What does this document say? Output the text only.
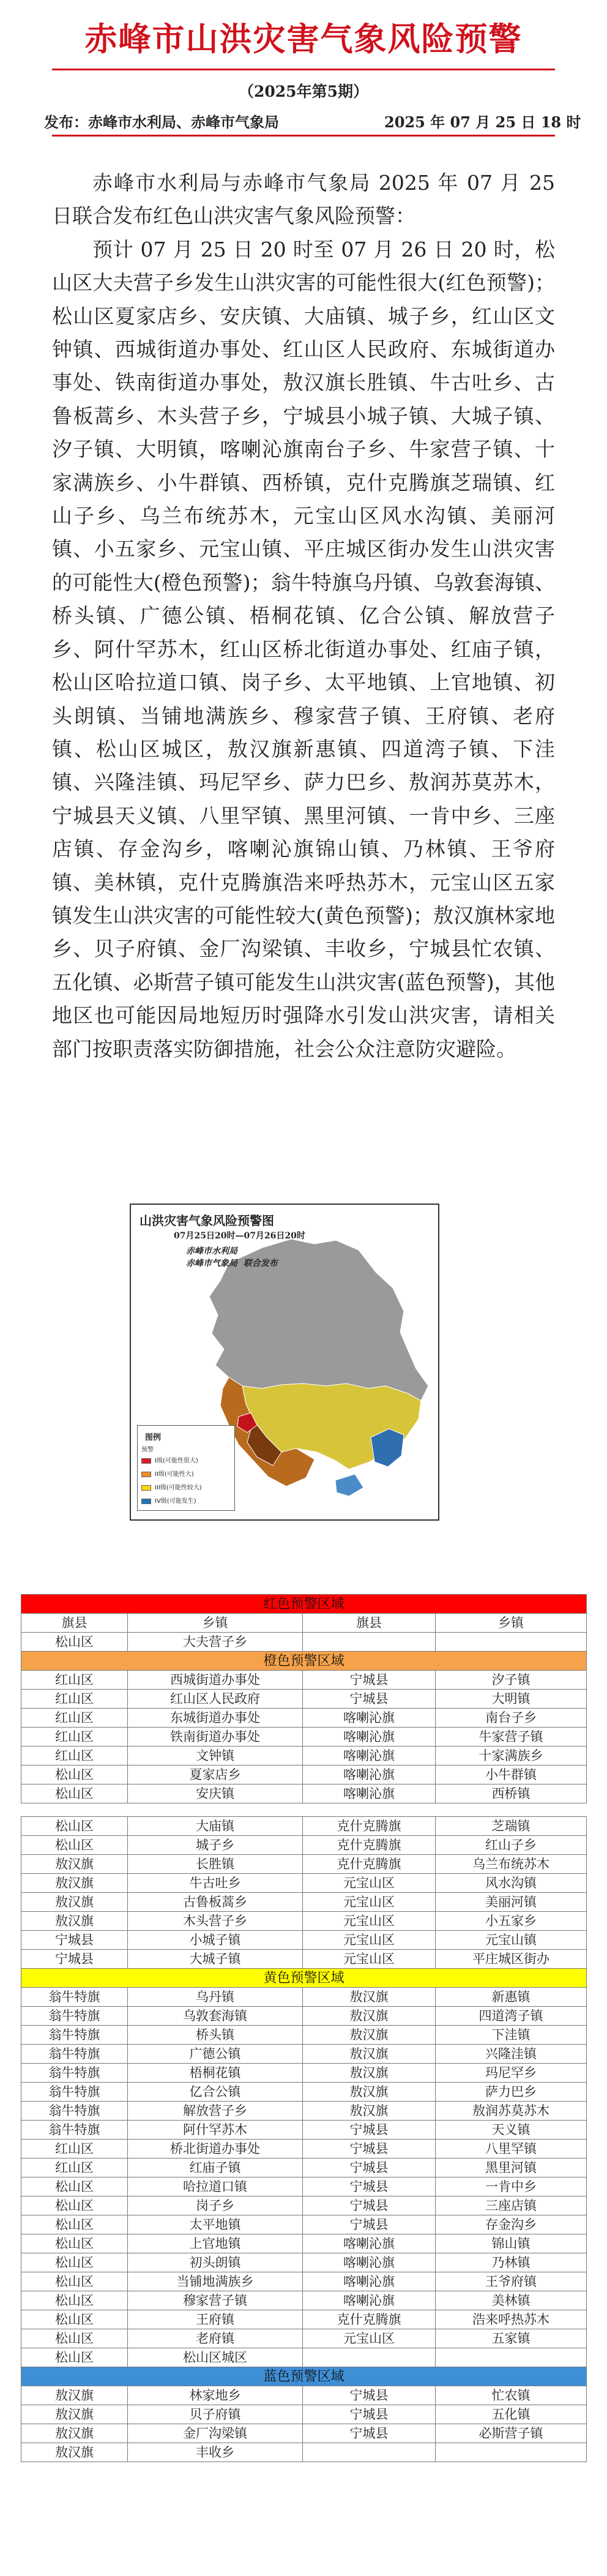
赤峰市山洪灾害气象风险预警
（2025年第5期）
发布：赤峰市水利局、赤峰市气象局	2025 年 07 月 25 日 18 时

赤峰市水利局与赤峰市气象局 2025 年 07 月 25 日联合发布红色山洪灾害气象风险预警：

预计 07 月 25 日 20 时至 07 月 26 日 20 时，松山区大夫营子乡发生山洪灾害的可能性很大(红色预警)；松山区夏家店乡、安庆镇、大庙镇、城子乡，红山区文钟镇、西城街道办事处、红山区人民政府、东城街道办事处、铁南街道办事处，敖汉旗长胜镇、牛古吐乡、古鲁板蒿乡、木头营子乡，宁城县小城子镇、大城子镇、汐子镇、大明镇，喀喇沁旗南台子乡、牛家营子镇、十家满族乡、小牛群镇、西桥镇，克什克腾旗芝瑞镇、红山子乡、乌兰布统苏木，元宝山区风水沟镇、美丽河镇、小五家乡、元宝山镇、平庄城区街办发生山洪灾害的可能性大(橙色预警)；翁牛特旗乌丹镇、乌敦套海镇、桥头镇、广德公镇、梧桐花镇、亿合公镇、解放营子乡、阿什罕苏木，红山区桥北街道办事处、红庙子镇，松山区哈拉道口镇、岗子乡、太平地镇、上官地镇、初头朗镇、当铺地满族乡、穆家营子镇、王府镇、老府镇、松山区城区，敖汉旗新惠镇、四道湾子镇、下洼镇、兴隆洼镇、玛尼罕乡、萨力巴乡、敖润苏莫苏木，宁城县天义镇、八里罕镇、黑里河镇、一肯中乡、三座店镇、存金沟乡，喀喇沁旗锦山镇、乃林镇、王爷府镇、美林镇，克什克腾旗浩来呼热苏木，元宝山区五家镇发生山洪灾害的可能性较大(黄色预警)；敖汉旗林家地乡、贝子府镇、金厂沟梁镇、丰收乡，宁城县忙农镇、五化镇、必斯营子镇可能发生山洪灾害(蓝色预警)，其他地区也可能因局地短历时强降水引发山洪灾害，请相关部门按职责落实防御措施，社会公众注意防灾避险。

山洪灾害气象风险预警图
07月25日20时—07月26日20时
赤峰市水利局
赤峰市气象局 联合发布
图例
预警
I级(可能性很大)
II级(可能性大)
III级(可能性较大)
IV级(可能发生)
红色预警区域			
旗县	乡镇	旗县	乡镇
松山区	大夫营子乡		
橙色预警区域			
红山区	西城街道办事处	宁城县	汐子镇
红山区	红山区人民政府	宁城县	大明镇
红山区	东城街道办事处	喀喇沁旗	南台子乡
红山区	铁南街道办事处	喀喇沁旗	牛家营子镇
红山区	文钟镇	喀喇沁旗	十家满族乡
松山区	夏家店乡	喀喇沁旗	小牛群镇
松山区	安庆镇	喀喇沁旗	西桥镇

松山区	大庙镇	克什克腾旗	芝瑞镇
松山区	城子乡	克什克腾旗	红山子乡
敖汉旗	长胜镇	克什克腾旗	乌兰布统苏木
敖汉旗	牛古吐乡	元宝山区	风水沟镇
敖汉旗	古鲁板蒿乡	元宝山区	美丽河镇
敖汉旗	木头营子乡	元宝山区	小五家乡
宁城县	小城子镇	元宝山区	元宝山镇
宁城县	大城子镇	元宝山区	平庄城区街办
黄色预警区域			
翁牛特旗	乌丹镇	敖汉旗	新惠镇
翁牛特旗	乌敦套海镇	敖汉旗	四道湾子镇
翁牛特旗	桥头镇	敖汉旗	下洼镇
翁牛特旗	广德公镇	敖汉旗	兴隆洼镇
翁牛特旗	梧桐花镇	敖汉旗	玛尼罕乡
翁牛特旗	亿合公镇	敖汉旗	萨力巴乡
翁牛特旗	解放营子乡	敖汉旗	敖润苏莫苏木
翁牛特旗	阿什罕苏木	宁城县	天义镇
红山区	桥北街道办事处	宁城县	八里罕镇
红山区	红庙子镇	宁城县	黑里河镇
松山区	哈拉道口镇	宁城县	一肯中乡
松山区	岗子乡	宁城县	三座店镇
松山区	太平地镇	宁城县	存金沟乡
松山区	上官地镇	喀喇沁旗	锦山镇
松山区	初头朗镇	喀喇沁旗	乃林镇
松山区	当铺地满族乡	喀喇沁旗	王爷府镇
松山区	穆家营子镇	喀喇沁旗	美林镇
松山区	王府镇	克什克腾旗	浩来呼热苏木
松山区	老府镇	元宝山区	五家镇
松山区	松山区城区		
蓝色预警区域			
敖汉旗	林家地乡	宁城县	忙农镇
敖汉旗	贝子府镇	宁城县	五化镇
敖汉旗	金厂沟梁镇	宁城县	必斯营子镇
敖汉旗	丰收乡		
